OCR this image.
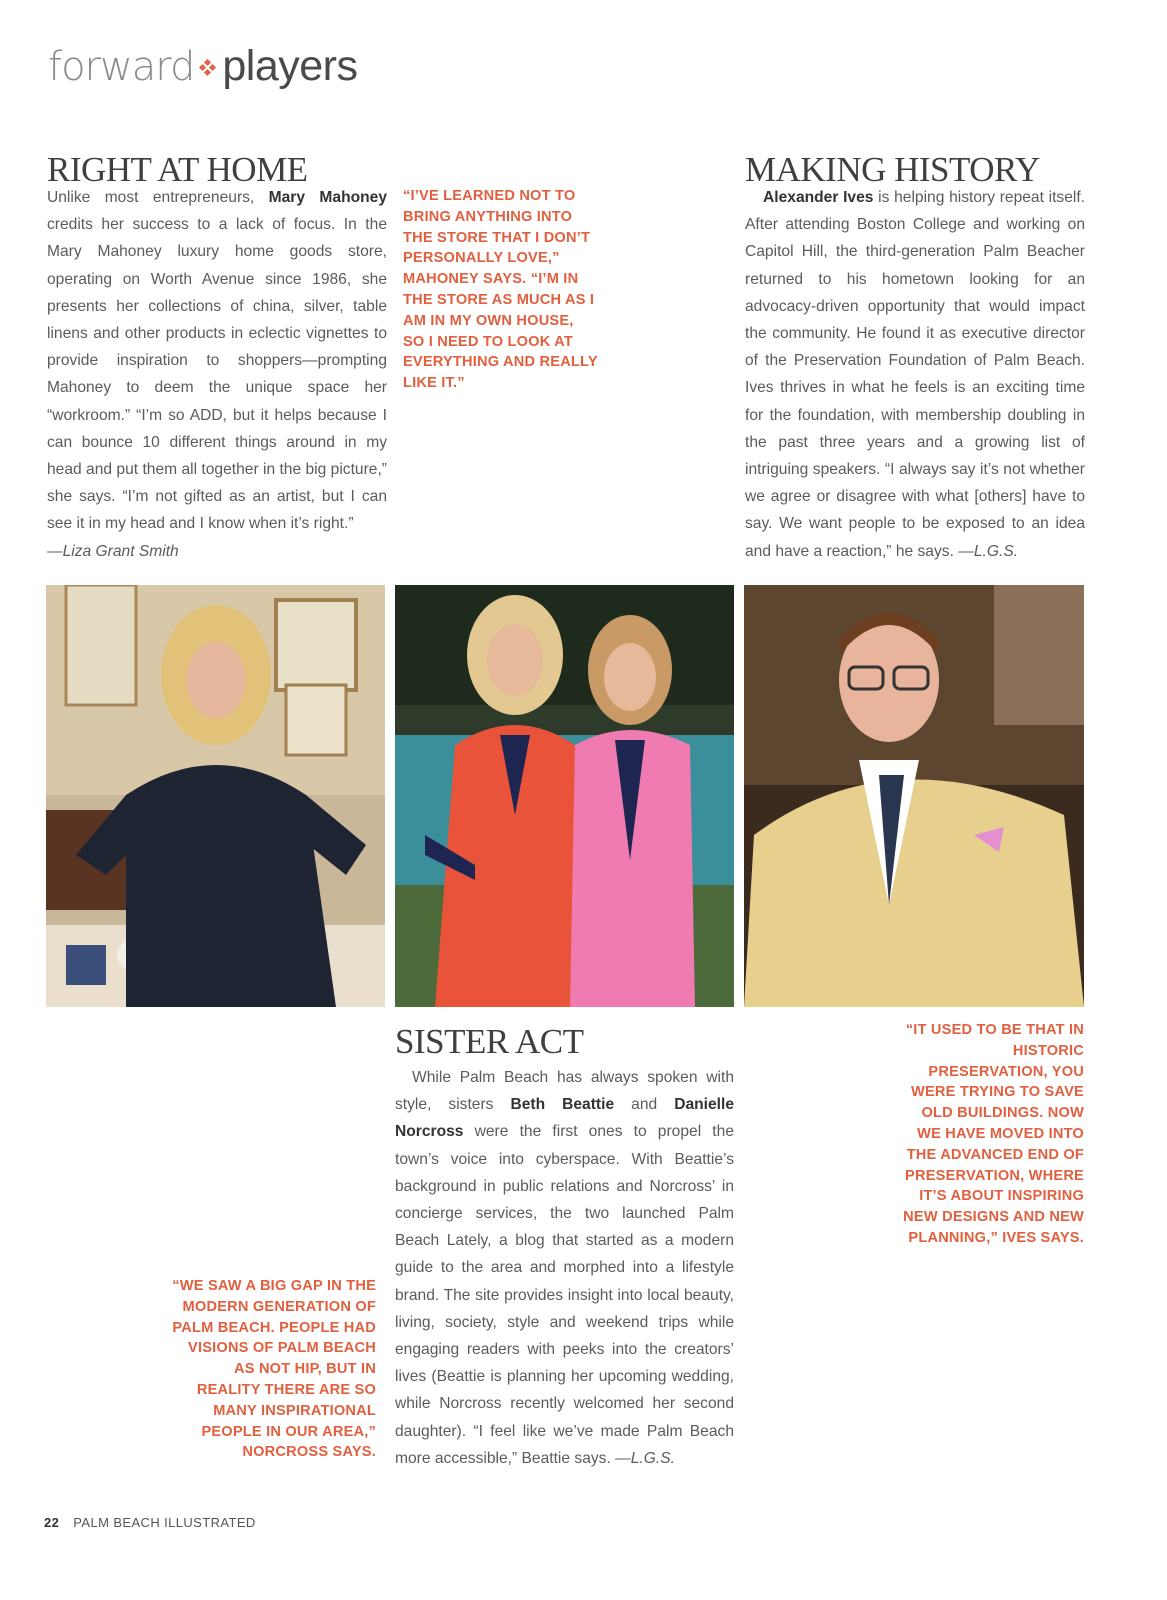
forward players
RIGHT AT HOME
Unlike most entrepreneurs, Mary Mahoney credits her success to a lack of focus. In the Mary Mahoney luxury home goods store, operating on Worth Avenue since 1986, she presents her collections of china, silver, table linens and other products in eclectic vignettes to provide inspiration to shoppers—prompting Mahoney to deem the unique space her “workroom.” “I’m so ADD, but it helps because I can bounce 10 different things around in my head and put them all together in the big picture,” she says. “I’m not gifted as an artist, but I can see it in my head and I know when it’s right.”
—Liza Grant Smith
“I’VE LEARNED NOT TO BRING ANYTHING INTO THE STORE THAT I DON’T PERSONALLY LOVE,” MAHONEY SAYS. “I’M IN THE STORE AS MUCH AS I AM IN MY OWN HOUSE, SO I NEED TO LOOK AT EVERYTHING AND REALLY LIKE IT.”
MAKING HISTORY
Alexander Ives is helping history repeat itself. After attending Boston College and working on Capitol Hill, the third-generation Palm Beacher returned to his hometown looking for an advocacy-driven opportunity that would impact the community. He found it as executive director of the Preservation Foundation of Palm Beach. Ives thrives in what he feels is an exciting time for the foundation, with membership doubling in the past three years and a growing list of intriguing speakers. “I always say it’s not whether we agree or disagree with what [others] have to say. We want people to be exposed to an idea and have a reaction,” he says. —L.G.S.
SISTER ACT
While Palm Beach has always spoken with style, sisters Beth Beattie and Danielle Norcross were the first ones to propel the town’s voice into cyberspace. With Beattie’s background in public relations and Norcross’ in concierge services, the two launched Palm Beach Lately, a blog that started as a modern guide to the area and morphed into a lifestyle brand. The site provides insight into local beauty, living, society, style and weekend trips while engaging readers with peeks into the creators’ lives (Beattie is planning her upcoming wedding, while Norcross recently welcomed her second daughter). “I feel like we’ve made Palm Beach more accessible,” Beattie says. —L.G.S.
“WE SAW A BIG GAP IN THE MODERN GENERATION OF PALM BEACH. PEOPLE HAD VISIONS OF PALM BEACH AS NOT HIP, BUT IN REALITY THERE ARE SO MANY INSPIRATIONAL PEOPLE IN OUR AREA,” NORCROSS SAYS.
“IT USED TO BE THAT IN HISTORIC PRESERVATION, YOU WERE TRYING TO SAVE OLD BUILDINGS. NOW WE HAVE MOVED INTO THE ADVANCED END OF PRESERVATION, WHERE IT’S ABOUT INSPIRING NEW DESIGNS AND NEW PLANNING,” IVES SAYS.
22 PALM BEACH ILLUSTRATED
